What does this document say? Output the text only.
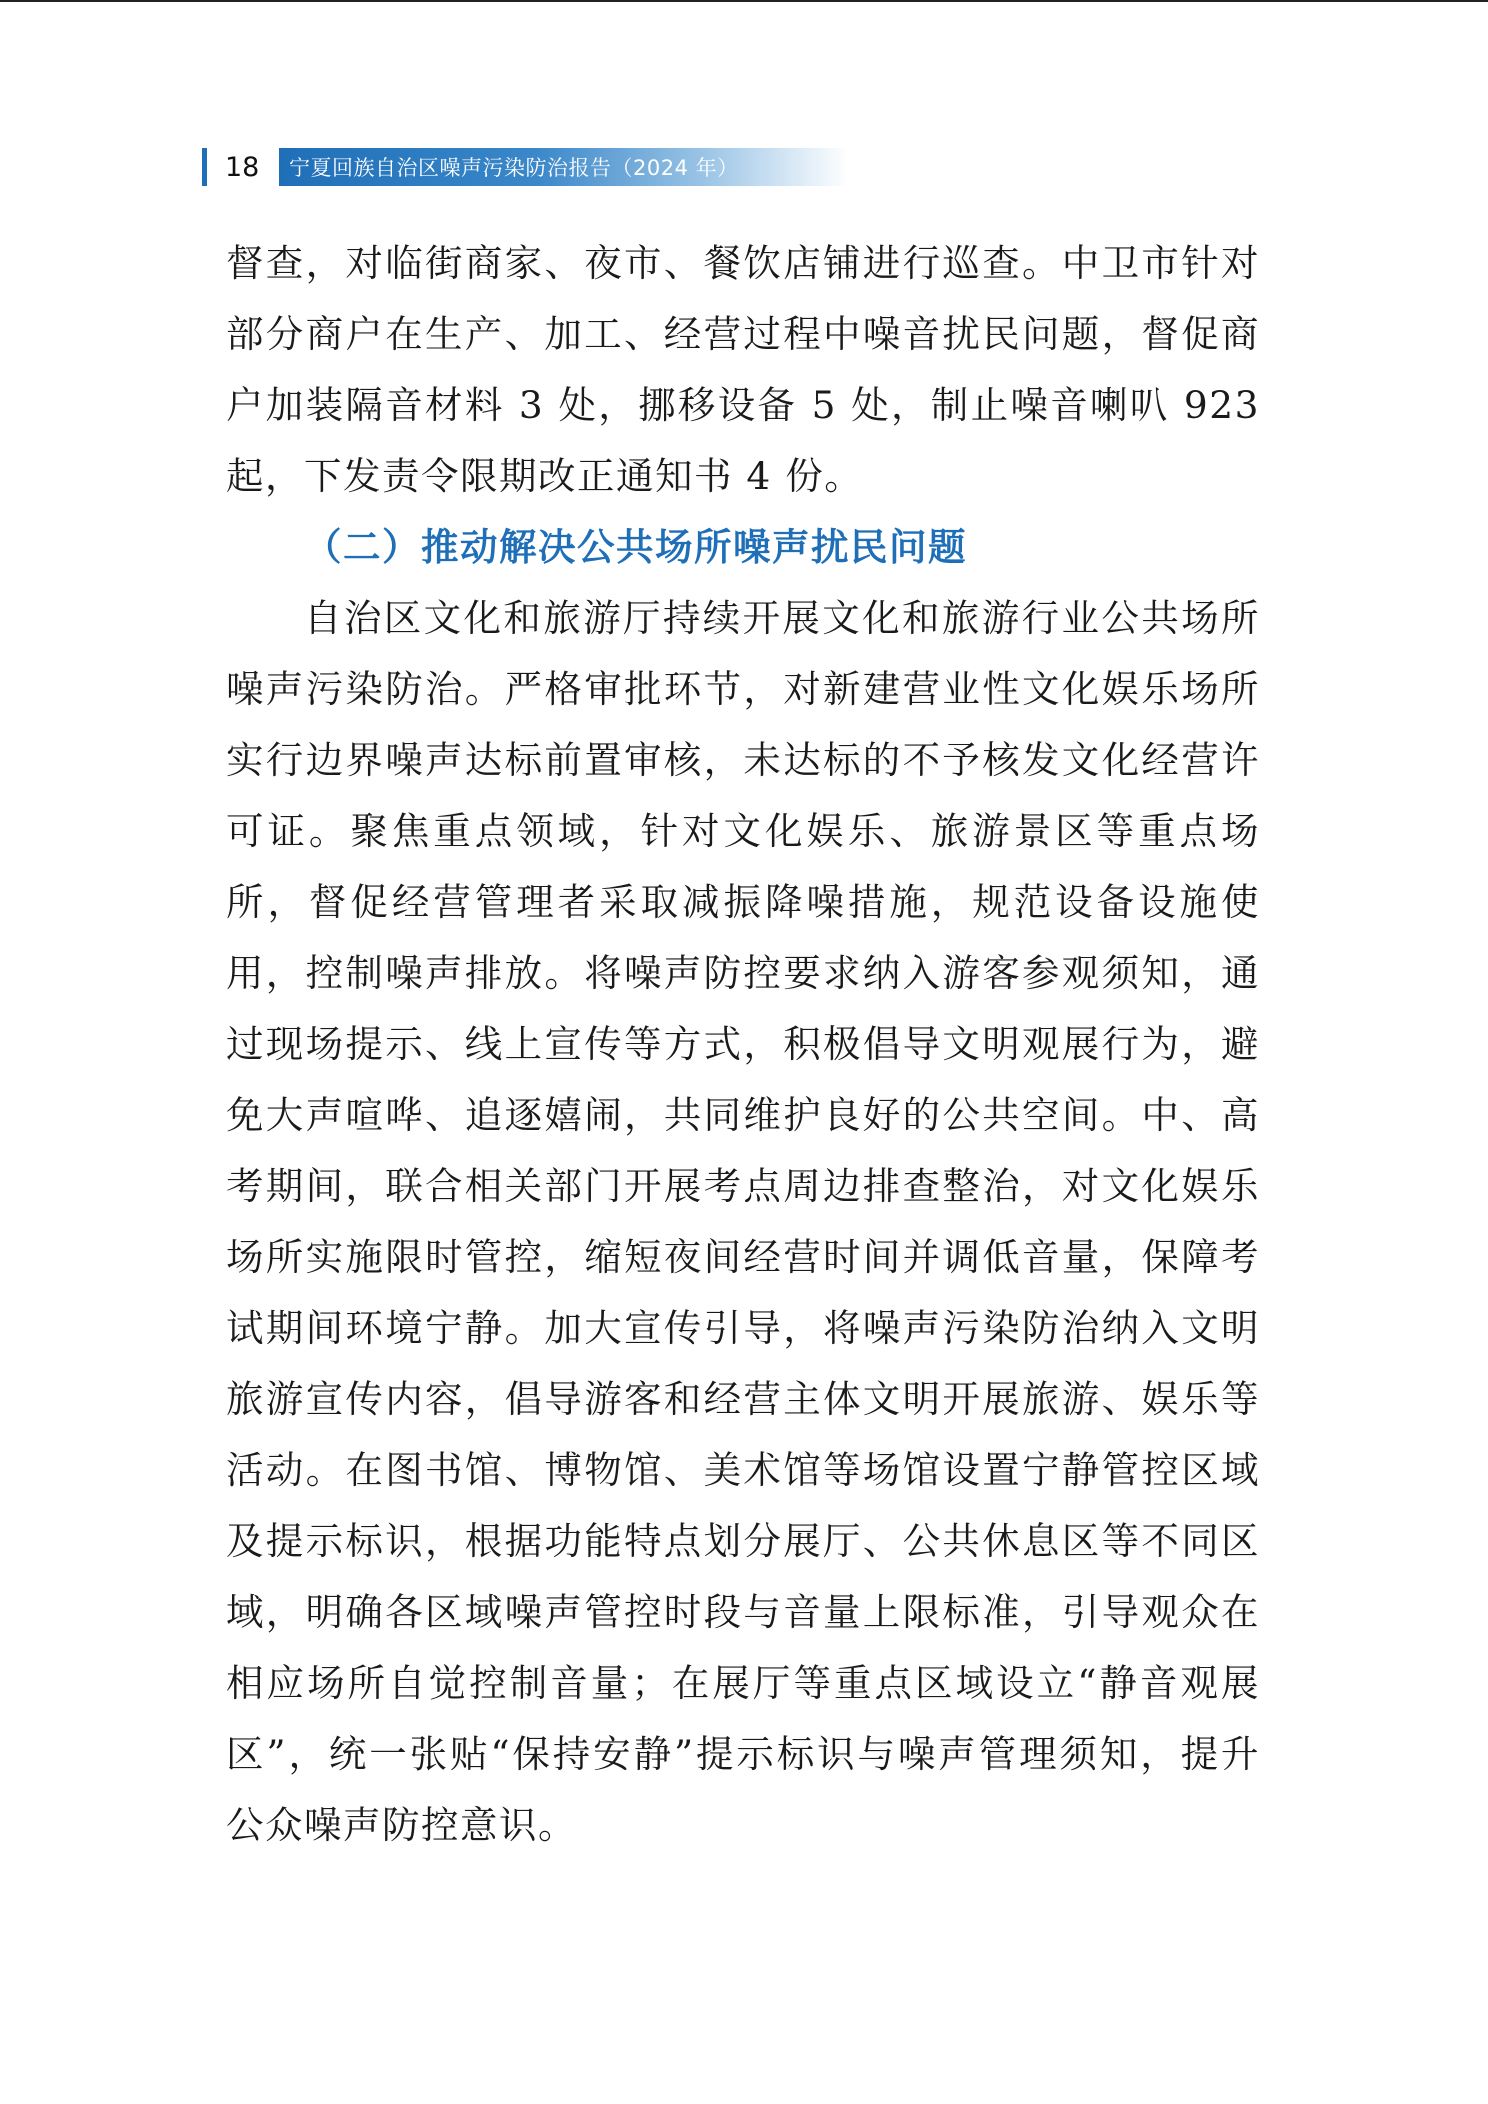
18	宁夏回族自治区噪声污染防治报告（2024 年）

督查，对临街商家、夜市、餐饮店铺进行巡查。中卫市针对部分商户在生产、加工、经营过程中噪音扰民问题，督促商户加装隔音材料 3 处，挪移设备 5 处，制止噪音喇叭 923 起，下发责令限期改正通知书 4 份。

（二）推动解决公共场所噪声扰民问题

自治区文化和旅游厅持续开展文化和旅游行业公共场所噪声污染防治。严格审批环节，对新建营业性文化娱乐场所实行边界噪声达标前置审核，未达标的不予核发文化经营许可证。聚焦重点领域，针对文化娱乐、旅游景区等重点场所，督促经营管理者采取减振降噪措施，规范设备设施使用，控制噪声排放。将噪声防控要求纳入游客参观须知，通过现场提示、线上宣传等方式，积极倡导文明观展行为，避免大声喧哗、追逐嬉闹，共同维护良好的公共空间。中、高考期间，联合相关部门开展考点周边排查整治，对文化娱乐场所实施限时管控，缩短夜间经营时间并调低音量，保障考试期间环境宁静。加大宣传引导，将噪声污染防治纳入文明旅游宣传内容，倡导游客和经营主体文明开展旅游、娱乐等活动。在图书馆、博物馆、美术馆等场馆设置宁静管控区域及提示标识，根据功能特点划分展厅、公共休息区等不同区域，明确各区域噪声管控时段与音量上限标准，引导观众在相应场所自觉控制音量；在展厅等重点区域设立“静音观展区”，统一张贴“保持安静”提示标识与噪声管理须知，提升公众噪声防控意识。
